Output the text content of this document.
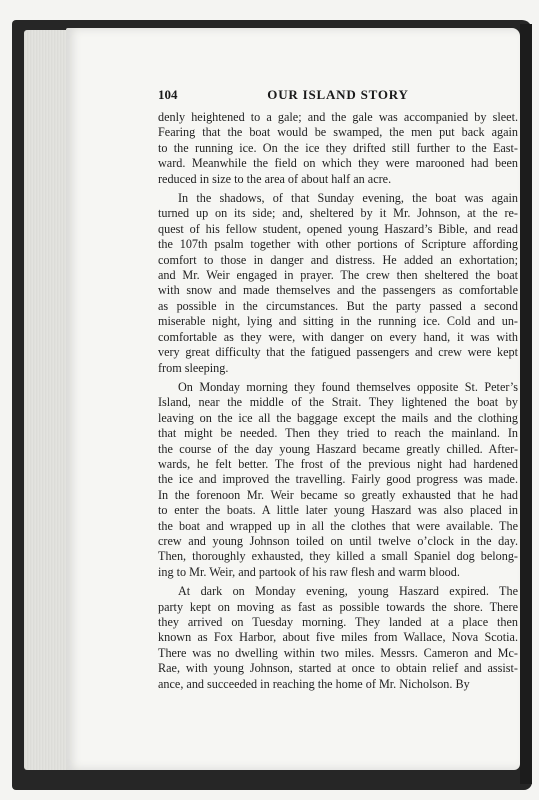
104	OUR ISLAND STORY

denly heightened to a gale; and the gale was accompanied by sleet.
Fearing that the boat would be swamped, the men put back again
to the running ice. On the ice they drifted still further to the East-
ward. Meanwhile the field on which they were marooned had been
reduced in size to the area of about half an acre.

In the shadows, of that Sunday evening, the boat was again
turned up on its side; and, sheltered by it Mr. Johnson, at the re-
quest of his fellow student, opened young Haszard’s Bible, and read
the 107th psalm together with other portions of Scripture affording
comfort to those in danger and distress. He added an exhortation;
and Mr. Weir engaged in prayer. The crew then sheltered the boat
with snow and made themselves and the passengers as comfortable
as possible in the circumstances. But the party passed a second
miserable night, lying and sitting in the running ice. Cold and un-
comfortable as they were, with danger on every hand, it was with
very great difficulty that the fatigued passengers and crew were kept
from sleeping.

On Monday morning they found themselves opposite St. Peter’s
Island, near the middle of the Strait. They lightened the boat by
leaving on the ice all the baggage except the mails and the clothing
that might be needed. Then they tried to reach the mainland. In
the course of the day young Haszard became greatly chilled. After-
wards, he felt better. The frost of the previous night had hardened
the ice and improved the travelling. Fairly good progress was made.
In the forenoon Mr. Weir became so greatly exhausted that he had
to enter the boats. A little later young Haszard was also placed in
the boat and wrapped up in all the clothes that were available. The
crew and young Johnson toiled on until twelve o’clock in the day.
Then, thoroughly exhausted, they killed a small Spaniel dog belong-
ing to Mr. Weir, and partook of his raw flesh and warm blood.

At dark on Monday evening, young Haszard expired. The
party kept on moving as fast as possible towards the shore. There
they arrived on Tuesday morning. They landed at a place then
known as Fox Harbor, about five miles from Wallace, Nova Scotia.
There was no dwelling within two miles. Messrs. Cameron and Mc-
Rae, with young Johnson, started at once to obtain relief and assist-
ance, and succeeded in reaching the home of Mr. Nicholson. By
